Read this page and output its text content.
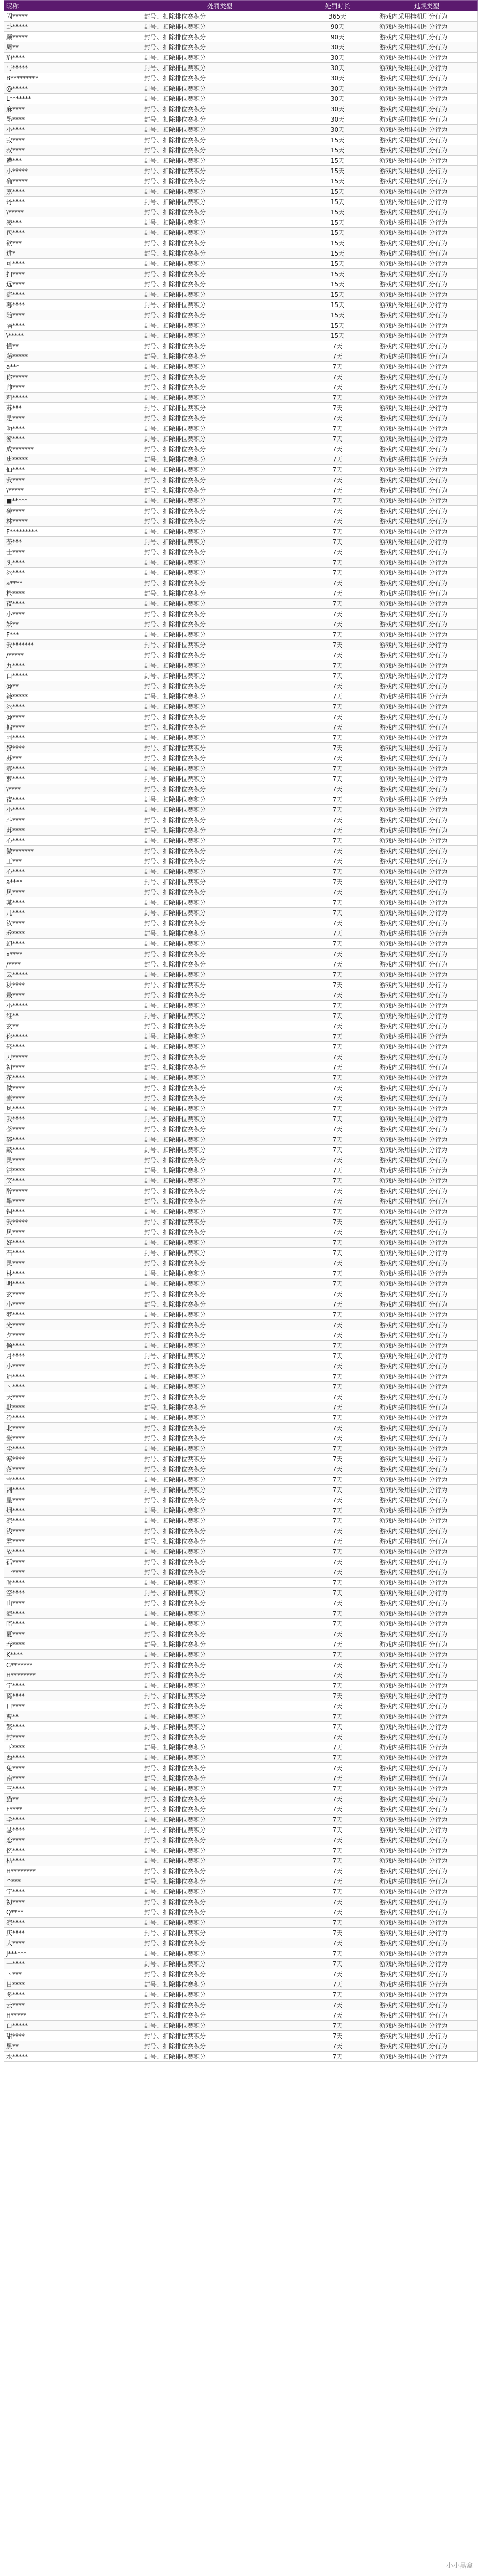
昵称	处罚类型	处罚时长	违规类型
闪*****	封号、扣除排位赛积分	365天	游戏内采用挂机刷分行为
卧*****	封号、扣除排位赛积分	90天	游戏内采用挂机刷分行为
顾*****	封号、扣除排位赛积分	90天	游戏内采用挂机刷分行为
周**	封号、扣除排位赛积分	30天	游戏内采用挂机刷分行为
豹****	封号、扣除排位赛积分	30天	游戏内采用挂机刷分行为
与*****	封号、扣除排位赛积分	30天	游戏内采用挂机刷分行为
B*********	封号、扣除排位赛积分	30天	游戏内采用挂机刷分行为
@*****	封号、扣除排位赛积分	30天	游戏内采用挂机刷分行为
L*******	封号、扣除排位赛积分	30天	游戏内采用挂机刷分行为
麻****	封号、扣除排位赛积分	30天	游戏内采用挂机刷分行为
墨****	封号、扣除排位赛积分	30天	游戏内采用挂机刷分行为
小****	封号、扣除排位赛积分	30天	游戏内采用挂机刷分行为
寂****	封号、扣除排位赛积分	15天	游戏内采用挂机刷分行为
叔****	封号、扣除排位赛积分	15天	游戏内采用挂机刷分行为
遭***	封号、扣除排位赛积分	15天	游戏内采用挂机刷分行为
小*****	封号、扣除排位赛积分	15天	游戏内采用挂机刷分行为
确*****	封号、扣除排位赛积分	15天	游戏内采用挂机刷分行为
嘉****	封号、扣除排位赛积分	15天	游戏内采用挂机刷分行为
丹****	封号、扣除排位赛积分	15天	游戏内采用挂机刷分行为
\*****	封号、扣除排位赛积分	15天	游戏内采用挂机刷分行为
凌***	封号、扣除排位赛积分	15天	游戏内采用挂机刷分行为
包****	封号、扣除排位赛积分	15天	游戏内采用挂机刷分行为
欲***	封号、扣除排位赛积分	15天	游戏内采用挂机刷分行为
进*	封号、扣除排位赛积分	15天	游戏内采用挂机刷分行为
可****	封号、扣除排位赛积分	15天	游戏内采用挂机刷分行为
扫****	封号、扣除排位赛积分	15天	游戏内采用挂机刷分行为
远****	封号、扣除排位赛积分	15天	游戏内采用挂机刷分行为
流****	封号、扣除排位赛积分	15天	游戏内采用挂机刷分行为
暮****	封号、扣除排位赛积分	15天	游戏内采用挂机刷分行为
随****	封号、扣除排位赛积分	15天	游戏内采用挂机刷分行为
隔****	封号、扣除排位赛积分	15天	游戏内采用挂机刷分行为
\*****	封号、扣除排位赛积分	15天	游戏内采用挂机刷分行为
懂**	封号、扣除排位赛积分	7天	游戏内采用挂机刷分行为
藤*****	封号、扣除排位赛积分	7天	游戏内采用挂机刷分行为
a***	封号、扣除排位赛积分	7天	游戏内采用挂机刷分行为
你*****	封号、扣除排位赛积分	7天	游戏内采用挂机刷分行为
帅****	封号、扣除排位赛积分	7天	游戏内采用挂机刷分行为
莉*****	封号、扣除排位赛积分	7天	游戏内采用挂机刷分行为
苏***	封号、扣除排位赛积分	7天	游戏内采用挂机刷分行为
是****	封号、扣除排位赛积分	7天	游戏内采用挂机刷分行为
叻****	封号、扣除排位赛积分	7天	游戏内采用挂机刷分行为
游****	封号、扣除排位赛积分	7天	游戏内采用挂机刷分行为
成*******	封号、扣除排位赛积分	7天	游戏内采用挂机刷分行为
唐*****	封号、扣除排位赛积分	7天	游戏内采用挂机刷分行为
仙****	封号、扣除排位赛积分	7天	游戏内采用挂机刷分行为
我****	封号、扣除排位赛积分	7天	游戏内采用挂机刷分行为
\*****	封号、扣除排位赛积分	7天	游戏内采用挂机刷分行为
■*****	封号、扣除排位赛积分	7天	游戏内采用挂机刷分行为
砖****	封号、扣除排位赛积分	7天	游戏内采用挂机刷分行为
林*****	封号、扣除排位赛积分	7天	游戏内采用挂机刷分行为
F*********	封号、扣除排位赛积分	7天	游戏内采用挂机刷分行为
荼***	封号、扣除排位赛积分	7天	游戏内采用挂机刷分行为
士****	封号、扣除排位赛积分	7天	游戏内采用挂机刷分行为
头****	封号、扣除排位赛积分	7天	游戏内采用挂机刷分行为
冰****	封号、扣除排位赛积分	7天	游戏内采用挂机刷分行为
a****	封号、扣除排位赛积分	7天	游戏内采用挂机刷分行为
枪****	封号、扣除排位赛积分	7天	游戏内采用挂机刷分行为
夜****	封号、扣除排位赛积分	7天	游戏内采用挂机刷分行为
小****	封号、扣除排位赛积分	7天	游戏内采用挂机刷分行为
妖**	封号、扣除排位赛积分	7天	游戏内采用挂机刷分行为
F***	封号、扣除排位赛积分	7天	游戏内采用挂机刷分行为
我*******	封号、扣除排位赛积分	7天	游戏内采用挂机刷分行为
/*****	封号、扣除排位赛积分	7天	游戏内采用挂机刷分行为
九****	封号、扣除排位赛积分	7天	游戏内采用挂机刷分行为
白*****	封号、扣除排位赛积分	7天	游戏内采用挂机刷分行为
@**	封号、扣除排位赛积分	7天	游戏内采用挂机刷分行为
辣*****	封号、扣除排位赛积分	7天	游戏内采用挂机刷分行为
冰****	封号、扣除排位赛积分	7天	游戏内采用挂机刷分行为
@****	封号、扣除排位赛积分	7天	游戏内采用挂机刷分行为
偏****	封号、扣除排位赛积分	7天	游戏内采用挂机刷分行为
阿****	封号、扣除排位赛积分	7天	游戏内采用挂机刷分行为
狩****	封号、扣除排位赛积分	7天	游戏内采用挂机刷分行为
苏***	封号、扣除排位赛积分	7天	游戏内采用挂机刷分行为
雾****	封号、扣除排位赛积分	7天	游戏内采用挂机刷分行为
萝****	封号、扣除排位赛积分	7天	游戏内采用挂机刷分行为
\****	封号、扣除排位赛积分	7天	游戏内采用挂机刷分行为
夜****	封号、扣除排位赛积分	7天	游戏内采用挂机刷分行为
小****	封号、扣除排位赛积分	7天	游戏内采用挂机刷分行为
斗****	封号、扣除排位赛积分	7天	游戏内采用挂机刷分行为
苏****	封号、扣除排位赛积分	7天	游戏内采用挂机刷分行为
心****	封号、扣除排位赛积分	7天	游戏内采用挂机刷分行为
傲*******	封号、扣除排位赛积分	7天	游戏内采用挂机刷分行为
王***	封号、扣除排位赛积分	7天	游戏内采用挂机刷分行为
心****	封号、扣除排位赛积分	7天	游戏内采用挂机刷分行为
a****	封号、扣除排位赛积分	7天	游戏内采用挂机刷分行为
风****	封号、扣除排位赛积分	7天	游戏内采用挂机刷分行为
某****	封号、扣除排位赛积分	7天	游戏内采用挂机刷分行为
几****	封号、扣除排位赛积分	7天	游戏内采用挂机刷分行为
汝****	封号、扣除排位赛积分	7天	游戏内采用挂机刷分行为
乔****	封号、扣除排位赛积分	7天	游戏内采用挂机刷分行为
幻****	封号、扣除排位赛积分	7天	游戏内采用挂机刷分行为
x****	封号、扣除排位赛积分	7天	游戏内采用挂机刷分行为
/****	封号、扣除排位赛积分	7天	游戏内采用挂机刷分行为
云*****	封号、扣除排位赛积分	7天	游戏内采用挂机刷分行为
秋****	封号、扣除排位赛积分	7天	游戏内采用挂机刷分行为
最****	封号、扣除排位赛积分	7天	游戏内采用挂机刷分行为
小*****	封号、扣除排位赛积分	7天	游戏内采用挂机刷分行为
维**	封号、扣除排位赛积分	7天	游戏内采用挂机刷分行为
玄**	封号、扣除排位赛积分	7天	游戏内采用挂机刷分行为
你*****	封号、扣除排位赛积分	7天	游戏内采用挂机刷分行为
轻****	封号、扣除排位赛积分	7天	游戏内采用挂机刷分行为
刀*****	封号、扣除排位赛积分	7天	游戏内采用挂机刷分行为
初****	封号、扣除排位赛积分	7天	游戏内采用挂机刷分行为
花****	封号、扣除排位赛积分	7天	游戏内采用挂机刷分行为
做****	封号、扣除排位赛积分	7天	游戏内采用挂机刷分行为
素****	封号、扣除排位赛积分	7天	游戏内采用挂机刷分行为
风****	封号、扣除排位赛积分	7天	游戏内采用挂机刷分行为
我****	封号、扣除排位赛积分	7天	游戏内采用挂机刷分行为
荼****	封号、扣除排位赛积分	7天	游戏内采用挂机刷分行为
碎****	封号、扣除排位赛积分	7天	游戏内采用挂机刷分行为
敲****	封号、扣除排位赛积分	7天	游戏内采用挂机刷分行为
灵****	封号、扣除排位赛积分	7天	游戏内采用挂机刷分行为
清****	封号、扣除排位赛积分	7天	游戏内采用挂机刷分行为
笑****	封号、扣除排位赛积分	7天	游戏内采用挂机刷分行为
醉*****	封号、扣除排位赛积分	7天	游戏内采用挂机刷分行为
墨****	封号、扣除排位赛积分	7天	游戏内采用挂机刷分行为
铜****	封号、扣除排位赛积分	7天	游戏内采用挂机刷分行为
我*****	封号、扣除排位赛积分	7天	游戏内采用挂机刷分行为
风****	封号、扣除排位赛积分	7天	游戏内采用挂机刷分行为
好****	封号、扣除排位赛积分	7天	游戏内采用挂机刷分行为
石****	封号、扣除排位赛积分	7天	游戏内采用挂机刷分行为
灵****	封号、扣除排位赛积分	7天	游戏内采用挂机刷分行为
林****	封号、扣除排位赛积分	7天	游戏内采用挂机刷分行为
明****	封号、扣除排位赛积分	7天	游戏内采用挂机刷分行为
玄****	封号、扣除排位赛积分	7天	游戏内采用挂机刷分行为
小****	封号、扣除排位赛积分	7天	游戏内采用挂机刷分行为
梦****	封号、扣除排位赛积分	7天	游戏内采用挂机刷分行为
光****	封号、扣除排位赛积分	7天	游戏内采用挂机刷分行为
夕****	封号、扣除排位赛积分	7天	游戏内采用挂机刷分行为
倾****	封号、扣除排位赛积分	7天	游戏内采用挂机刷分行为
月****	封号、扣除排位赛积分	7天	游戏内采用挂机刷分行为
小****	封号、扣除排位赛积分	7天	游戏内采用挂机刷分行为
逍****	封号、扣除排位赛积分	7天	游戏内采用挂机刷分行为
丶****	封号、扣除排位赛积分	7天	游戏内采用挂机刷分行为
天****	封号、扣除排位赛积分	7天	游戏内采用挂机刷分行为
默****	封号、扣除排位赛积分	7天	游戏内采用挂机刷分行为
冷****	封号、扣除排位赛积分	7天	游戏内采用挂机刷分行为
北****	封号、扣除排位赛积分	7天	游戏内采用挂机刷分行为
紫****	封号、扣除排位赛积分	7天	游戏内采用挂机刷分行为
尘****	封号、扣除排位赛积分	7天	游戏内采用挂机刷分行为
寒****	封号、扣除排位赛积分	7天	游戏内采用挂机刷分行为
落****	封号、扣除排位赛积分	7天	游戏内采用挂机刷分行为
雪****	封号、扣除排位赛积分	7天	游戏内采用挂机刷分行为
剑****	封号、扣除排位赛积分	7天	游戏内采用挂机刷分行为
星****	封号、扣除排位赛积分	7天	游戏内采用挂机刷分行为
烟****	封号、扣除排位赛积分	7天	游戏内采用挂机刷分行为
凉****	封号、扣除排位赛积分	7天	游戏内采用挂机刷分行为
浅****	封号、扣除排位赛积分	7天	游戏内采用挂机刷分行为
君****	封号、扣除排位赛积分	7天	游戏内采用挂机刷分行为
故****	封号、扣除排位赛积分	7天	游戏内采用挂机刷分行为
孤****	封号、扣除排位赛积分	7天	游戏内采用挂机刷分行为
一****	封号、扣除排位赛积分	7天	游戏内采用挂机刷分行为
时****	封号、扣除排位赛积分	7天	游戏内采用挂机刷分行为
空****	封号、扣除排位赛积分	7天	游戏内采用挂机刷分行为
山****	封号、扣除排位赛积分	7天	游戏内采用挂机刷分行为
海****	封号、扣除排位赛积分	7天	游戏内采用挂机刷分行为
暗****	封号、扣除排位赛积分	7天	游戏内采用挂机刷分行为
夏****	封号、扣除排位赛积分	7天	游戏内采用挂机刷分行为
春****	封号、扣除排位赛积分	7天	游戏内采用挂机刷分行为
K****	封号、扣除排位赛积分	7天	游戏内采用挂机刷分行为
G*******	封号、扣除排位赛积分	7天	游戏内采用挂机刷分行为
H********	封号、扣除排位赛积分	7天	游戏内采用挂机刷分行为
宁****	封号、扣除排位赛积分	7天	游戏内采用挂机刷分行为
离****	封号、扣除排位赛积分	7天	游戏内采用挂机刷分行为
口****	封号、扣除排位赛积分	7天	游戏内采用挂机刷分行为
曹**	封号、扣除排位赛积分	7天	游戏内采用挂机刷分行为
繁****	封号、扣除排位赛积分	7天	游戏内采用挂机刷分行为
封****	封号、扣除排位赛积分	7天	游戏内采用挂机刷分行为
下****	封号、扣除排位赛积分	7天	游戏内采用挂机刷分行为
西****	封号、扣除排位赛积分	7天	游戏内采用挂机刷分行为
兔****	封号、扣除排位赛积分	7天	游戏内采用挂机刷分行为
南****	封号、扣除排位赛积分	7天	游戏内采用挂机刷分行为
三****	封号、扣除排位赛积分	7天	游戏内采用挂机刷分行为
猫**	封号、扣除排位赛积分	7天	游戏内采用挂机刷分行为
F****	封号、扣除排位赛积分	7天	游戏内采用挂机刷分行为
学****	封号、扣除排位赛积分	7天	游戏内采用挂机刷分行为
瑟****	封号、扣除排位赛积分	7天	游戏内采用挂机刷分行为
恋****	封号、扣除排位赛积分	7天	游戏内采用挂机刷分行为
忆****	封号、扣除排位赛积分	7天	游戏内采用挂机刷分行为
枯****	封号、扣除排位赛积分	7天	游戏内采用挂机刷分行为
H********	封号、扣除排位赛积分	7天	游戏内采用挂机刷分行为
^***	封号、扣除排位赛积分	7天	游戏内采用挂机刷分行为
宁****	封号、扣除排位赛积分	7天	游戏内采用挂机刷分行为
初****	封号、扣除排位赛积分	7天	游戏内采用挂机刷分行为
Q****	封号、扣除排位赛积分	7天	游戏内采用挂机刷分行为
凉****	封号、扣除排位赛积分	7天	游戏内采用挂机刷分行为
庆****	封号、扣除排位赛积分	7天	游戏内采用挂机刷分行为
大****	封号、扣除排位赛积分	7天	游戏内采用挂机刷分行为
J******	封号、扣除排位赛积分	7天	游戏内采用挂机刷分行为
一****	封号、扣除排位赛积分	7天	游戏内采用挂机刷分行为
丶***	封号、扣除排位赛积分	7天	游戏内采用挂机刷分行为
日****	封号、扣除排位赛积分	7天	游戏内采用挂机刷分行为
多****	封号、扣除排位赛积分	7天	游戏内采用挂机刷分行为
云****	封号、扣除排位赛积分	7天	游戏内采用挂机刷分行为
H*****	封号、扣除排位赛积分	7天	游戏内采用挂机刷分行为
白*****	封号、扣除排位赛积分	7天	游戏内采用挂机刷分行为
甜****	封号、扣除排位赛积分	7天	游戏内采用挂机刷分行为
黑**	封号、扣除排位赛积分	7天	游戏内采用挂机刷分行为
水*****	封号、扣除排位赛积分	7天	游戏内采用挂机刷分行为
小小黑盒
